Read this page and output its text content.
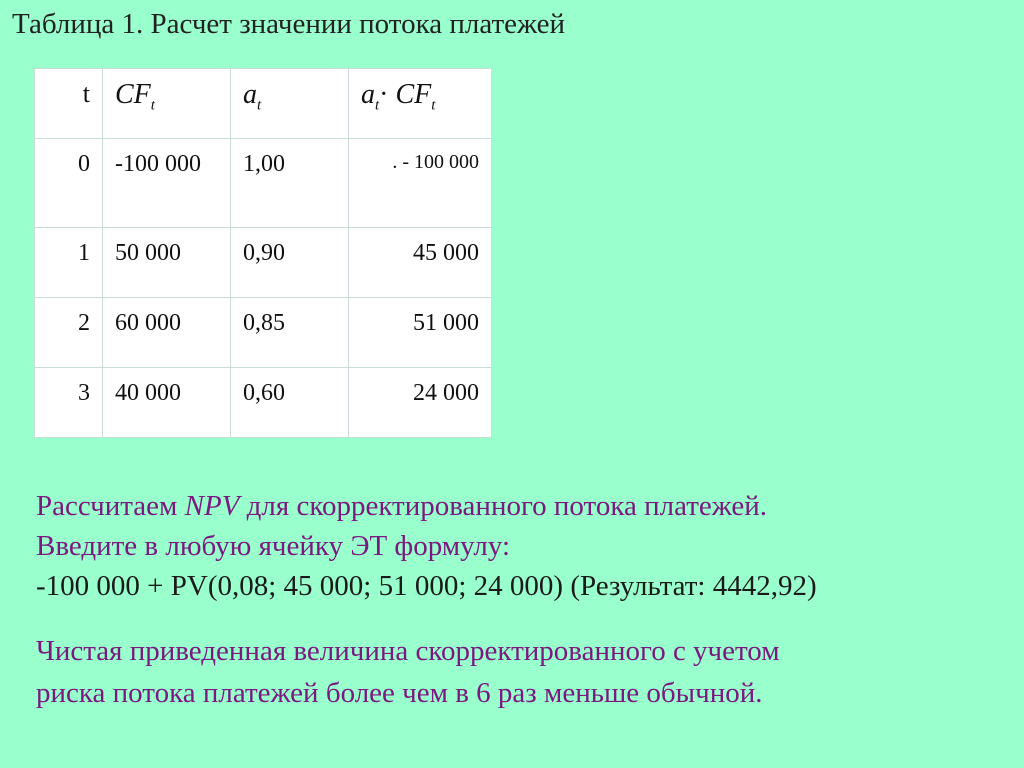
Таблица 1. Расчет значении потока платежей
t	$CF_t$	$a_t$	$a_t\cdot CF_t$
0	-100 000	1,00	. - 100 000
1	50 000	0,90	45 000
2	60 000	0,85	51 000
3	40 000	0,60	24 000
Рассчитаем NPV для скорректированного потока платежей.
Введите в любую ячейку ЭТ формулу:
-100 000 + PV(0,08; 45 000; 51 000; 24 000) (Результат: 4442,92)
Чистая приведенная величина скорректированного с учетом
риска потока платежей более чем в 6 раз меньше обычной.
